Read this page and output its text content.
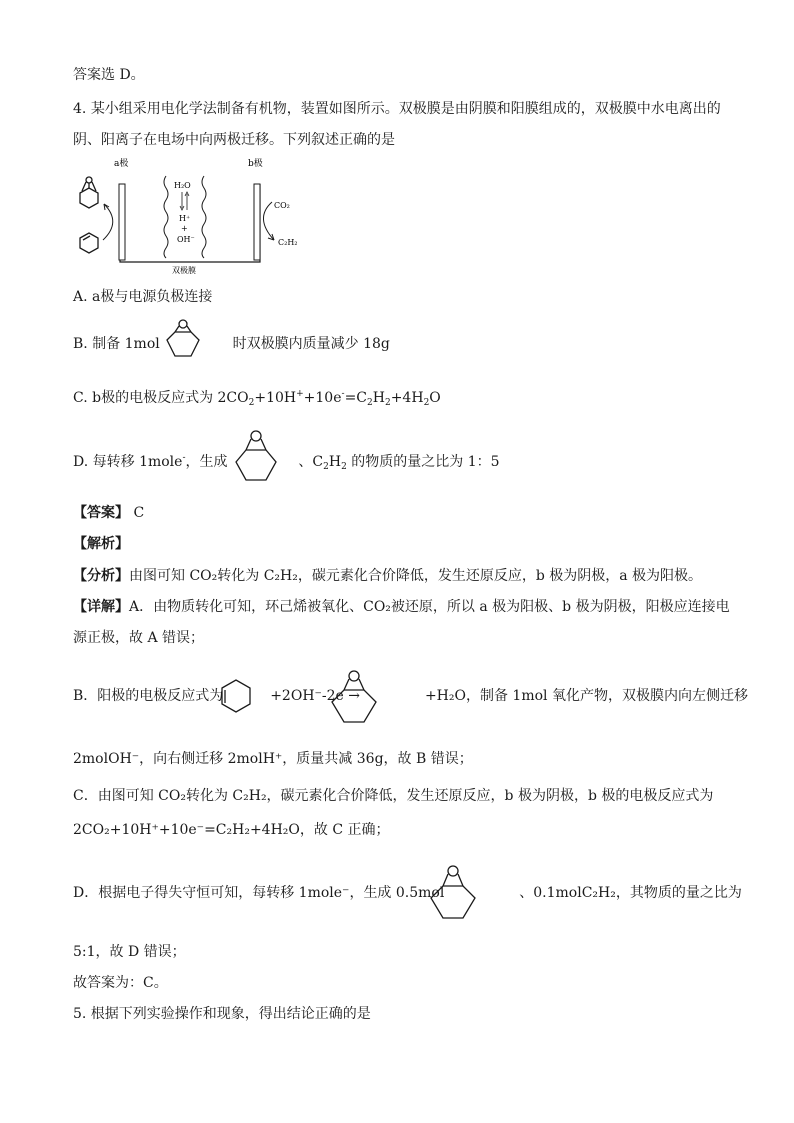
答案选 D。
4. 某小组采用电化学法制备有机物，装置如图所示。双极膜是由阴膜和阳膜组成的，双极膜中水电离出的
阴、阳离子在电场中向两极迁移。下列叙述正确的是
a极	b极
H₂O
H⁺
+
OH⁻
双极膜
CO₂
C₂H₂
A. a极与电源负极连接
B. 制备 1mol	时双极膜内质量减少 18g
C. b极的电极反应式为 $2CO_2+10H^++10e^-=C_2H_2+4H_2O$
D. 每转移 1mole-，生成	、$C_2H_2$ 的物质的量之比为 1：5
【答案】 C
【解析】
【分析】由图可知 CO₂转化为 C₂H₂，碳元素化合价降低，发生还原反应，b 极为阴极，a 极为阳极。
【详解】A．由物质转化可知，环己烯被氧化、CO₂被还原，所以 a 极为阳极、b 极为阴极，阳极应连接电
源正极，故 A 错误；
B．阳极的电极反应式为	+2OH⁻-2e →	+H₂O，制备 1mol 氧化产物，双极膜内向左侧迁移
2molOH⁻，向右侧迁移 2molH⁺，质量共减 36g，故 B 错误；
C．由图可知 CO₂转化为 C₂H₂，碳元素化合价降低，发生还原反应，b 极为阴极，b 极的电极反应式为
2CO₂+10H⁺+10e⁻=C₂H₂+4H₂O，故 C 正确；
D．根据电子得失守恒可知，每转移 1mole⁻，生成 0.5mol	、0.1molC₂H₂，其物质的量之比为
5:1，故 D 错误；
故答案为：C。
5. 根据下列实验操作和现象，得出结论正确的是
